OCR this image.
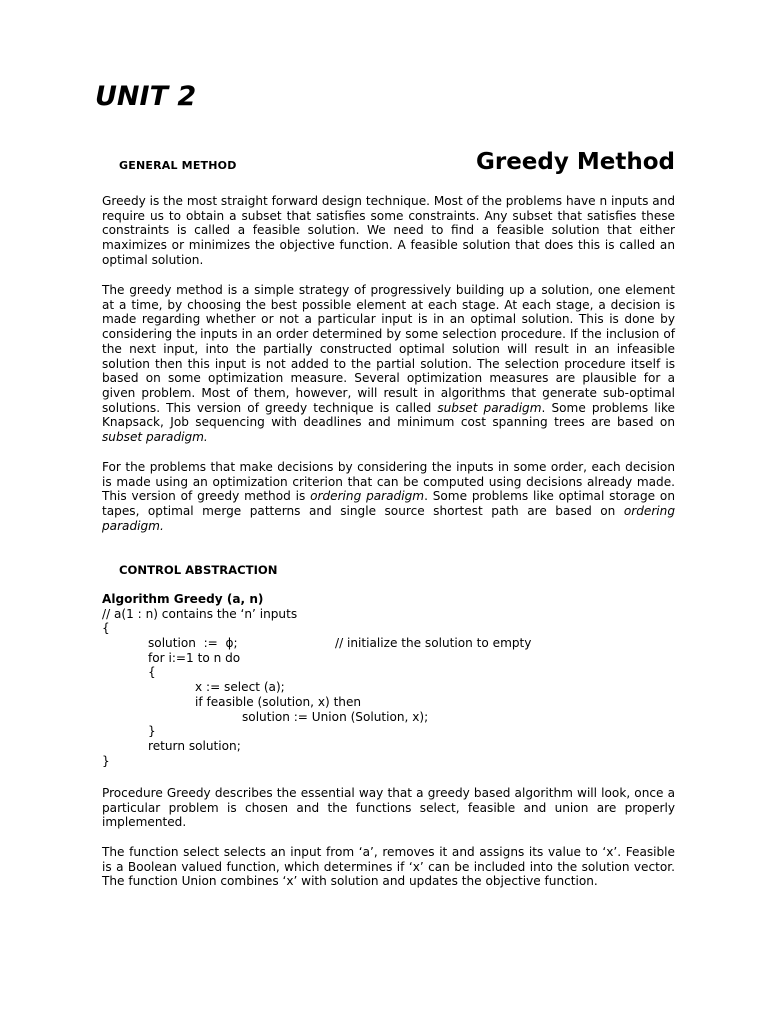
UNIT 2
GENERAL METHOD	Greedy Method

Greedy is the most straight forward design technique. Most of the problems have n inputs and require us to obtain a subset that satisfies some constraints. Any subset that satisfies these constraints is called a feasible solution. We need to find a feasible solution that either maximizes or minimizes the objective function. A feasible solution that does this is called an optimal solution.

The greedy method is a simple strategy of progressively building up a solution, one element at a time, by choosing the best possible element at each stage. At each stage, a decision is made regarding whether or not a particular input is in an optimal solution. This is done by considering the inputs in an order determined by some selection procedure. If the inclusion of the next input, into the partially constructed optimal solution will result in an infeasible solution then this input is not added to the partial solution. The selection procedure itself is based on some optimization measure. Several optimization measures are plausible for a given problem. Most of them, however, will result in algorithms that generate sub-optimal solutions. This version of greedy technique is called subset paradigm. Some problems like Knapsack, Job sequencing with deadlines and minimum cost spanning trees are based on subset paradigm.

For the problems that make decisions by considering the inputs in some order, each decision is made using an optimization criterion that can be computed using decisions already made. This version of greedy method is ordering paradigm. Some problems like optimal storage on tapes, optimal merge patterns and single source shortest path are based on ordering paradigm.

CONTROL ABSTRACTION
Algorithm Greedy (a, n)
// a(1 : n) contains the ‘n’ inputs
{
solution  :=  ϕ;	// initialize the solution to empty
for i:=1 to n do
{
x := select (a);
if feasible (solution, x) then
solution := Union (Solution, x);
}
return solution;
}

Procedure Greedy describes the essential way that a greedy based algorithm will look, once a particular problem is chosen and the functions select, feasible and union are properly implemented.

The function select selects an input from ‘a’, removes it and assigns its value to ‘x’. Feasible is a Boolean valued function, which determines if ‘x’ can be included into the solution vector. The function Union combines ‘x’ with solution and updates the objective function.
